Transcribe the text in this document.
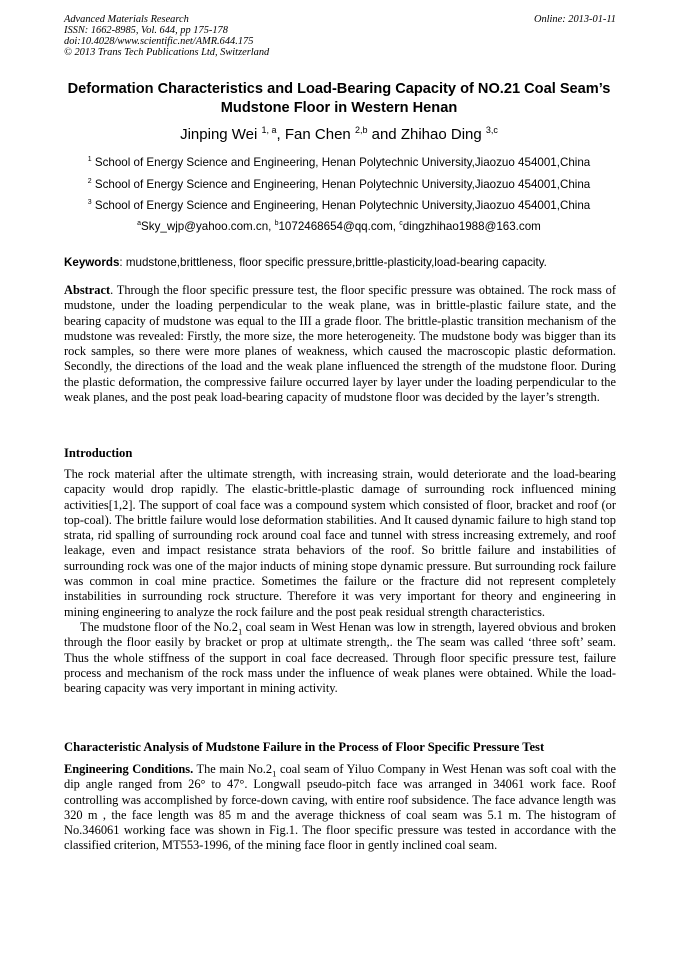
Advanced Materials Research
ISSN: 1662-8985, Vol. 644, pp 175-178
doi:10.4028/www.scientific.net/AMR.644.175
© 2013 Trans Tech Publications Ltd, Switzerland
Online: 2013-01-11
Deformation Characteristics and Load-Bearing Capacity of NO.21 Coal Seam’s Mudstone Floor in Western Henan
Jinping Wei $^{1, a}$, Fan Chen $^{2,b}$ and Zhihao Ding $^{3,c}$
$^1$ School of Energy Science and Engineering, Henan Polytechnic University,Jiaozuo 454001,China
$^2$ School of Energy Science and Engineering, Henan Polytechnic University,Jiaozuo 454001,China
$^3$ School of Energy Science and Engineering, Henan Polytechnic University,Jiaozuo 454001,China
$^a$Sky_wjp@yahoo.com.cn, $^b$1072468654@qq.com, $^c$dingzhihao1988@163.com
Keywords: mudstone,brittleness, floor specific pressure,brittle-plasticity,load-bearing capacity.
Abstract. Through the floor specific pressure test, the floor specific pressure was obtained. The rock mass of mudstone, under the loading perpendicular to the weak plane, was in brittle-plastic failure state, and the bearing capacity of mudstone was equal to the III a grade floor. The brittle-plastic transition mechanism of the mudstone was revealed: Firstly, the more size, the more heterogeneity. The mudstone body was bigger than its rock samples, so there were more planes of weakness, which caused the macroscopic plastic deformation. Secondly, the directions of the load and the weak plane influenced the strength of the mudstone floor. During the plastic deformation, the compressive failure occurred layer by layer under the loading perpendicular to the weak planes, and the post peak load-bearing capacity of mudstone floor was decided by the layer’s strength.
Introduction
The rock material after the ultimate strength, with increasing strain, would deteriorate and the load-bearing capacity would drop rapidly. The elastic-brittle-plastic damage of surrounding rock influenced mining activities[1,2]. The support of coal face was a compound system which consisted of floor, bracket and roof (or top-coal). The brittle failure would lose deformation stabilities. And It caused dynamic failure to high stand top strata, rid spalling of surrounding rock around coal face and tunnel with stress increasing extremely, and roof leakage, even and impact resistance strata behaviors of the roof. So brittle failure and instabilities of surrounding rock was one of the major inducts of mining stope dynamic pressure. But surrounding rock failure was common in coal mine practice. Sometimes the failure or the fracture did not represent completely instabilities in surrounding rock structure. Therefore it was very important for theory and engineering in mining engineering to analyze the rock failure and the post peak residual strength characteristics.
The mudstone floor of the $No.2_1$ coal seam in West Henan was low in strength, layered obvious and broken through the floor easily by bracket or prop at ultimate strength,. the The seam was called ‘three soft’ seam. Thus the whole stiffness of the support in coal face decreased. Through floor specific pressure test, failure process and mechanism of the rock mass under the influence of weak planes were obtained. While the load-bearing capacity was very important in mining activity.
Characteristic Analysis of Mudstone Failure in the Process of Floor Specific Pressure Test
Engineering Conditions. The main $No.2_1$ coal seam of Yiluo Company in West Henan was soft coal with the dip angle ranged from 26° to 47°. Longwall pseudo-pitch face was arranged in 34061 work face. Roof controlling was accomplished by force-down caving, with entire roof subsidence. The face advance length was 320 m , the face length was 85 m and the average thickness of coal seam was 5.1 m. The histogram of No.346061 working face was shown in Fig.1. The floor specific pressure was tested in accordance with the classified criterion, MT553-1996, of the mining face floor in gently inclined coal seam.
